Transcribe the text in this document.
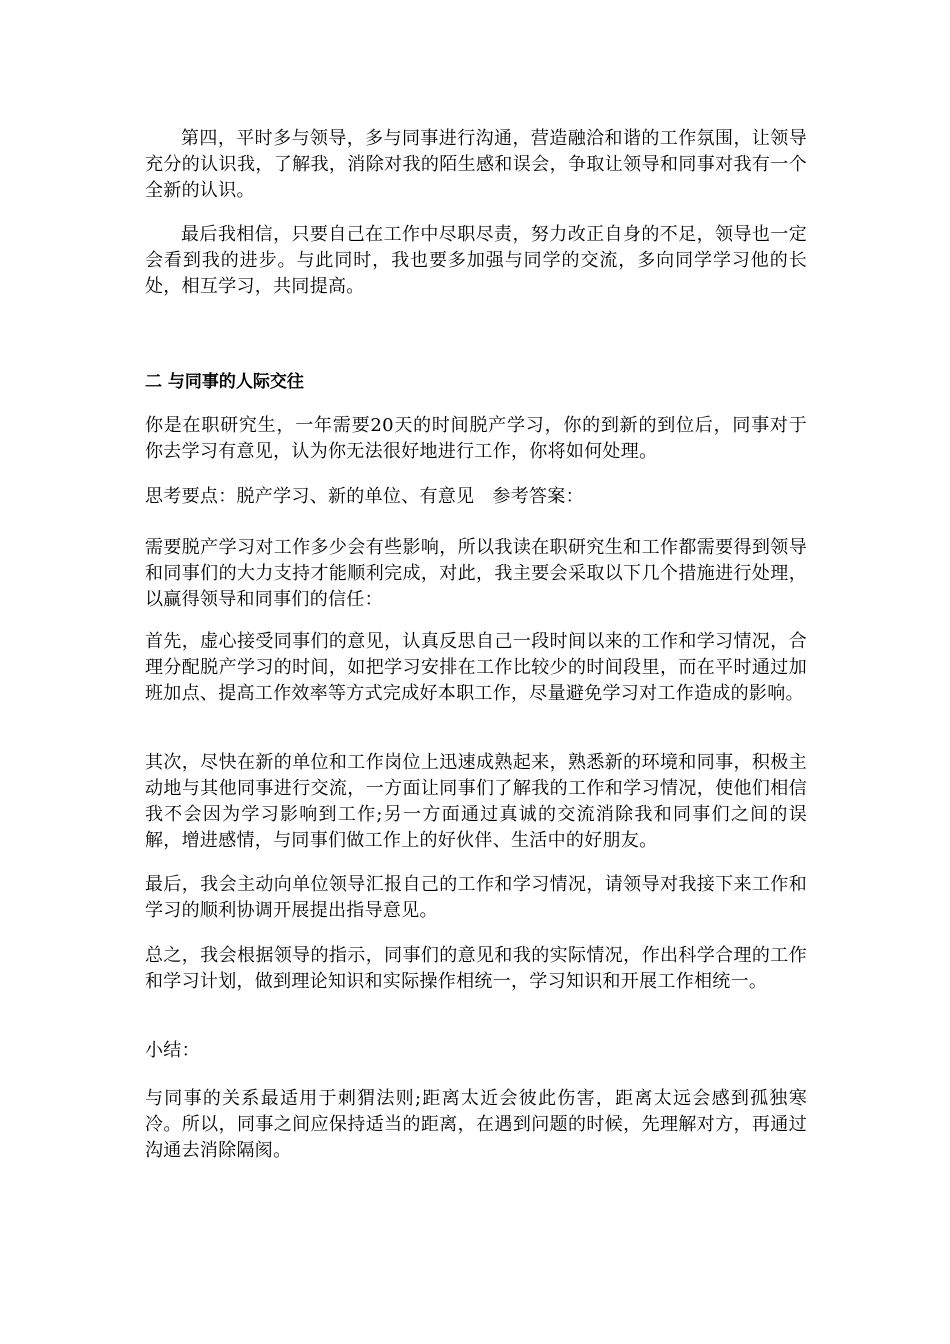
第四，平时多与领导，多与同事进行沟通，营造融洽和谐的工作氛围，让领导充分的认识我，了解我，消除对我的陌生感和误会，争取让领导和同事对我有一个全新的认识。

最后我相信，只要自己在工作中尽职尽责，努力改正自身的不足，领导也一定会看到我的进步。与此同时，我也要多加强与同学的交流，多向同学学习他的长处，相互学习，共同提高。

二 与同事的人际交往

你是在职研究生，一年需要20天的时间脱产学习，你的到新的到位后，同事对于你去学习有意见，认为你无法很好地进行工作，你将如何处理。

思考要点：脱产学习、新的单位、有意见 参考答案：

需要脱产学习对工作多少会有些影响，所以我读在职研究生和工作都需要得到领导和同事们的大力支持才能顺利完成，对此，我主要会采取以下几个措施进行处理，以赢得领导和同事们的信任：

首先，虚心接受同事们的意见，认真反思自己一段时间以来的工作和学习情况，合理分配脱产学习的时间，如把学习安排在工作比较少的时间段里，而在平时通过加班加点、提高工作效率等方式完成好本职工作，尽量避免学习对工作造成的影响。

其次，尽快在新的单位和工作岗位上迅速成熟起来，熟悉新的环境和同事，积极主动地与其他同事进行交流，一方面让同事们了解我的工作和学习情况，使他们相信我不会因为学习影响到工作;另一方面通过真诚的交流消除我和同事们之间的误解，增进感情，与同事们做工作上的好伙伴、生活中的好朋友。

最后，我会主动向单位领导汇报自己的工作和学习情况，请领导对我接下来工作和学习的顺利协调开展提出指导意见。

总之，我会根据领导的指示，同事们的意见和我的实际情况，作出科学合理的工作和学习计划，做到理论知识和实际操作相统一，学习知识和开展工作相统一。

小结：

与同事的关系最适用于刺猬法则;距离太近会彼此伤害，距离太远会感到孤独寒冷。所以，同事之间应保持适当的距离，在遇到问题的时候，先理解对方，再通过沟通去消除隔阂。
